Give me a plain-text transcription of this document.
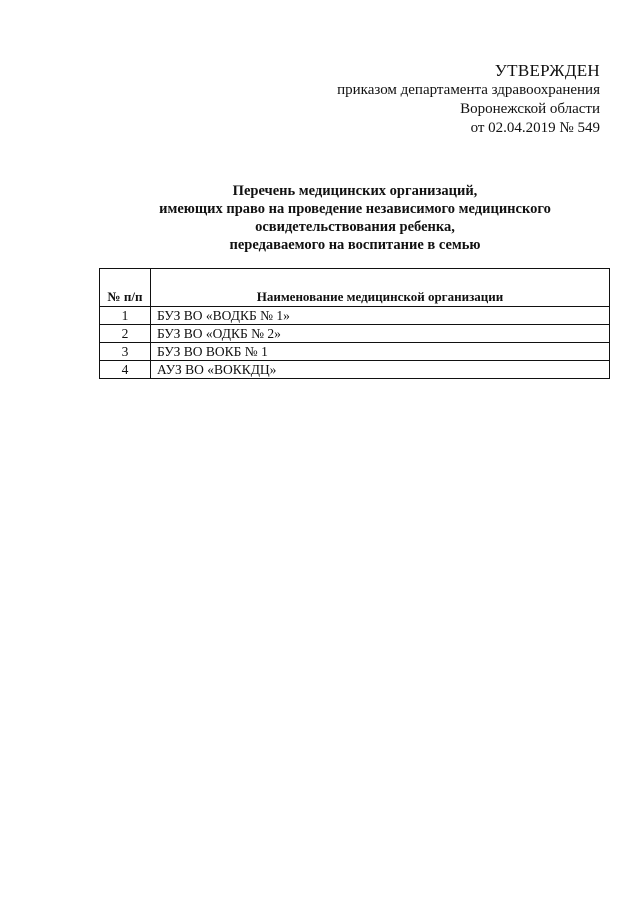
УТВЕРЖДЕН
приказом департамента здравоохранения
Воронежской области
от 02.04.2019 № 549
Перечень медицинских организаций,
имеющих право на проведение независимого медицинского
освидетельствования ребенка,
передаваемого на воспитание в семью
№ п/п	Наименование медицинской организации
1	БУЗ ВО «ВОДКБ № 1»
2	БУЗ ВО «ОДКБ № 2»
3	БУЗ ВО ВОКБ № 1
4	АУЗ ВО «ВОККДЦ»
